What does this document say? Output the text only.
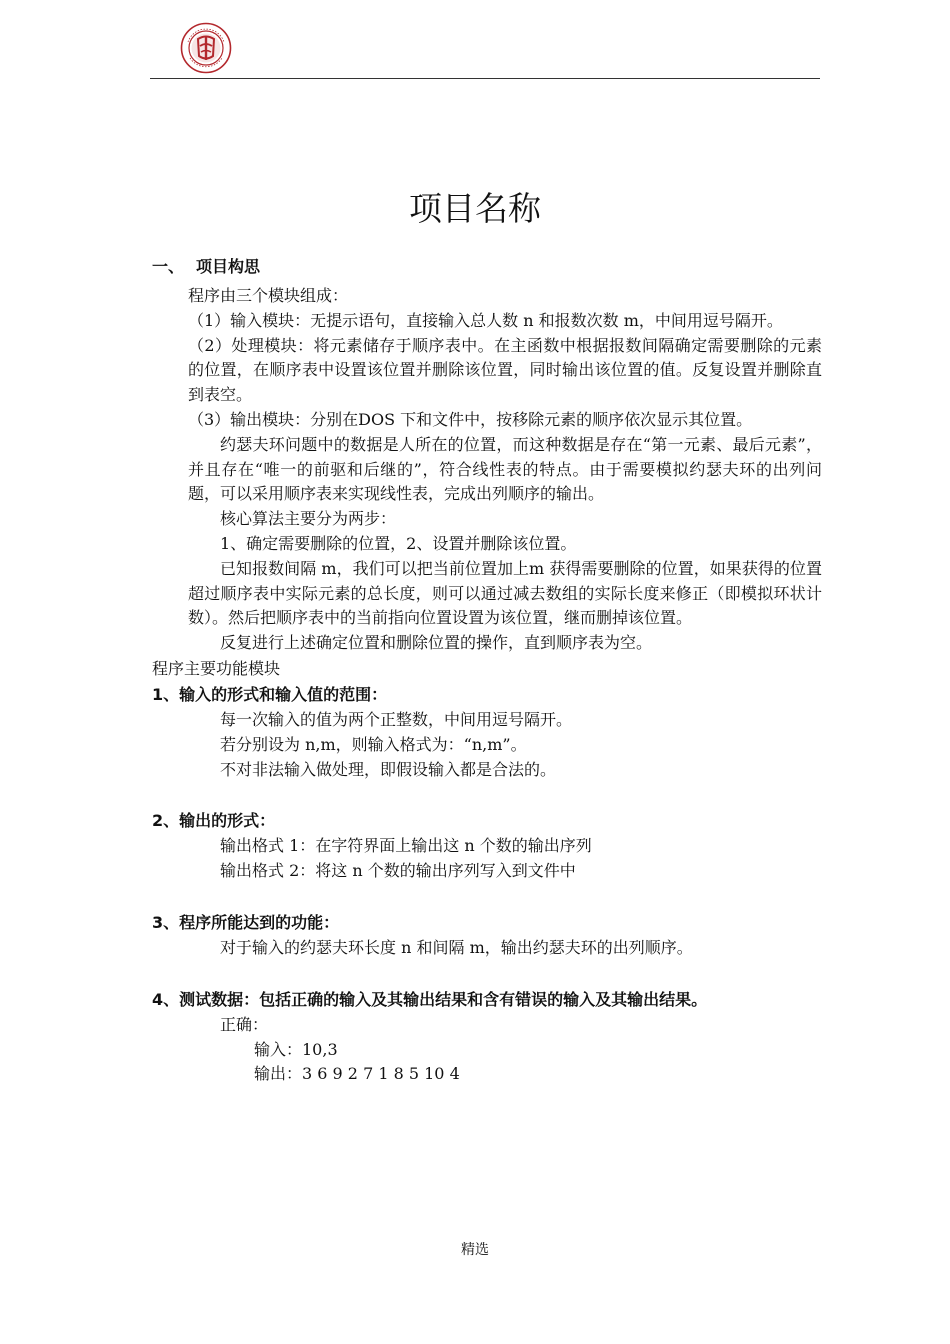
项目名称
一、 项目构思

程序由三个模块组成：

（1）输入模块：无提示语句，直接输入总人数 n 和报数次数 m，中间用逗号隔开。

（2）处理模块：将元素储存于顺序表中。在主函数中根据报数间隔确定需要删除的元素的位置，在顺序表中设置该位置并删除该位置，同时输出该位置的值。反复设置并删除直到表空。

（3）输出模块：分别在DOS 下和文件中，按移除元素的顺序依次显示其位置。

约瑟夫环问题中的数据是人所在的位置，而这种数据是存在“第一元素、最后元素”，并且存在“唯一的前驱和后继的”，符合线性表的特点。由于需要模拟约瑟夫环的出列问题，可以采用顺序表来实现线性表，完成出列顺序的输出。

核心算法主要分为两步：

1、确定需要删除的位置，2、设置并删除该位置。

已知报数间隔 m，我们可以把当前位置加上m 获得需要删除的位置，如果获得的位置超过顺序表中实际元素的总长度，则可以通过减去数组的实际长度来修正（即模拟环状计数）。然后把顺序表中的当前指向位置设置为该位置，继而删掉该位置。

反复进行上述确定位置和删除位置的操作，直到顺序表为空。

程序主要功能模块
1、输入的形式和输入值的范围：

每一次输入的值为两个正整数，中间用逗号隔开。

若分别设为 n,m，则输入格式为：“n,m”。

不对非法输入做处理，即假设输入都是合法的。

2、输出的形式：

输出格式 1：在字符界面上输出这 n 个数的输出序列

输出格式 2：将这 n 个数的输出序列写入到文件中

3、程序所能达到的功能：

对于输入的约瑟夫环长度 n 和间隔 m，输出约瑟夫环的出列顺序。

4、测试数据：包括正确的输入及其输出结果和含有错误的输入及其输出结果。

正确：

输入：10,3

输出：3 6 9 2 7 1 8 5 10 4

精选
